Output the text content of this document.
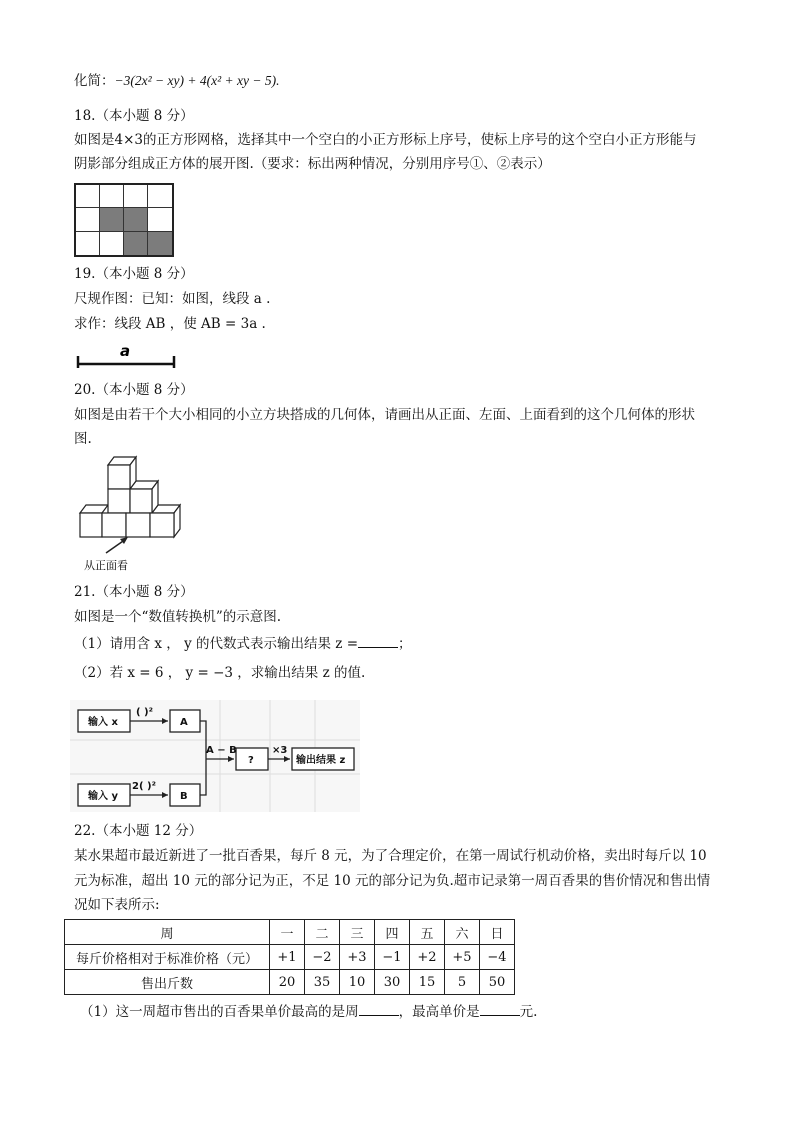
化简：−3(2x² − xy) + 4(x² + xy − 5).
18.（本小题 8 分）
如图是4×3的正方形网格，选择其中一个空白的小正方形标上序号，使标上序号的这个空白小正方形能与
阴影部分组成正方体的展开图.（要求：标出两种情况，分别用序号①、②表示）
19.（本小题 8 分）
尺规作图：已知：如图，线段 a .
求作：线段 AB ，使 AB = 3a .
a
20.（本小题 8 分）
如图是由若干个大小相同的小立方块搭成的几何体，请画出从正面、左面、上面看到的这个几何体的形状
图.
从正面看
21.（本小题 8 分）
如图是一个“数值转换机”的示意图.
（1）请用含 x ， y 的代数式表示输出结果 z =	；
（2）若 x = 6 ， y = −3 ，求输出结果 z 的值.
输入 x
输入 y
( )²
2( )²
A
B
A − B
?
×3
输出结果 z
22.（本小题 12 分）
某水果超市最近新进了一批百香果，每斤 8 元，为了合理定价，在第一周试行机动价格，卖出时每斤以 10
元为标准，超出 10 元的部分记为正，不足 10 元的部分记为负.超市记录第一周百香果的售价情况和售出情
况如下表所示:
周	一	二	三	四	五	六	日
每斤价格相对于标准价格（元）	+1	−2	+3	−1	+2	+5	−4
售出斤数	20	35	10	30	15	5	50
（1）这一周超市售出的百香果单价最高的是周	，最高单价是	元.
